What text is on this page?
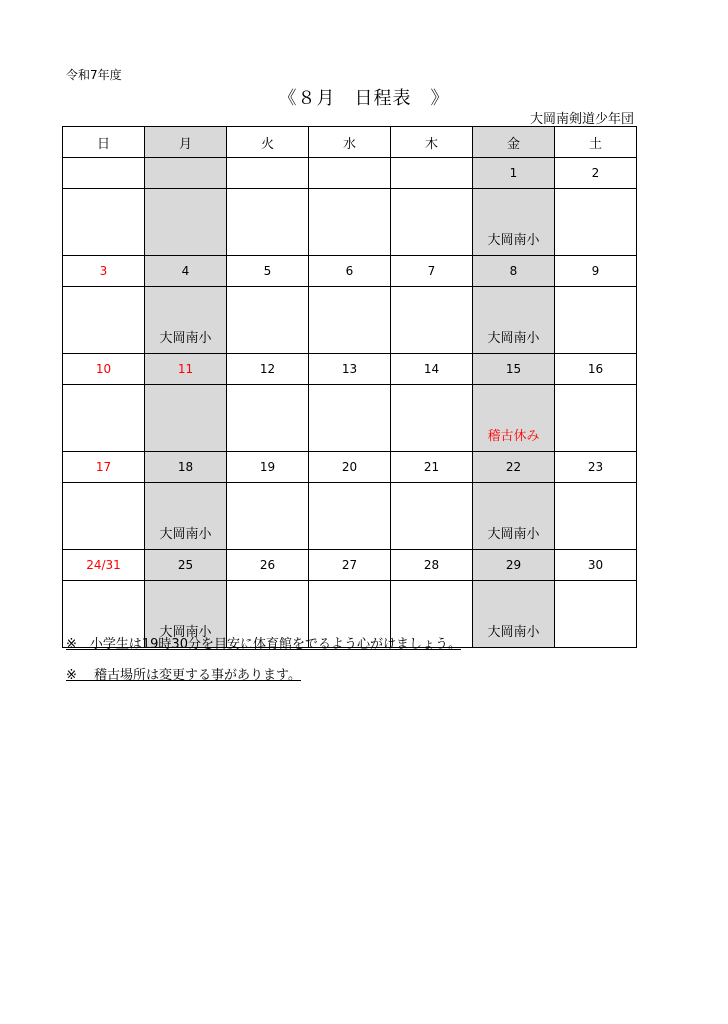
令和7年度
《８月　日程表　》
大岡南剣道少年団
日	月	火	水	木	金	土
					1	2
					大岡南小	
3	4	5	6	7	8	9
	大岡南小				大岡南小	
10	11	12	13	14	15	16
					稽古休み	
17	18	19	20	21	22	23
	大岡南小				大岡南小	
24/31	25	26	27	28	29	30
	大岡南小				大岡南小	
※　小学生は19時30分を目安に体育館をでるよう心がけましょう。
※　 稽古場所は変更する事があります。
